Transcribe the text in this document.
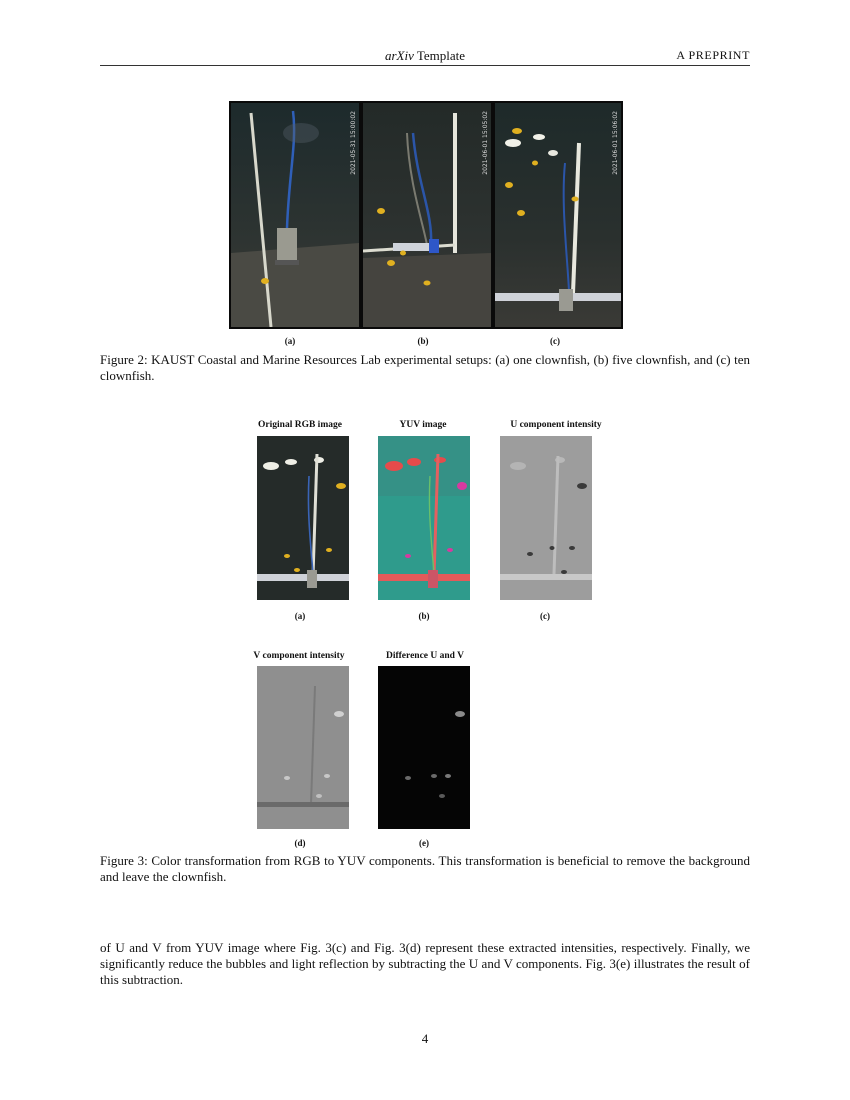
arXiv Template	A PREPRINT
2021-05-31 15:00:02	2021-06-01 15:05:02	2021-06-01 15:06:02
(a)	(b)	(c)
Figure 2: KAUST Coastal and Marine Resources Lab experimental setups: (a) one clownfish, (b) five clownfish, and (c) ten clownfish.
Original RGB image	YUV image	U component intensity
(a)	(b)	(c)
V component intensity	Difference U and V
(d)	(e)
Figure 3: Color transformation from RGB to YUV components. This transformation is beneficial to remove the background and leave the clownfish.
of U and V from YUV image where Fig. 3(c) and Fig. 3(d) represent these extracted intensities, respectively. Finally, we significantly reduce the bubbles and light reflection by subtracting the U and V components. Fig. 3(e) illustrates the result of this subtraction.
4
